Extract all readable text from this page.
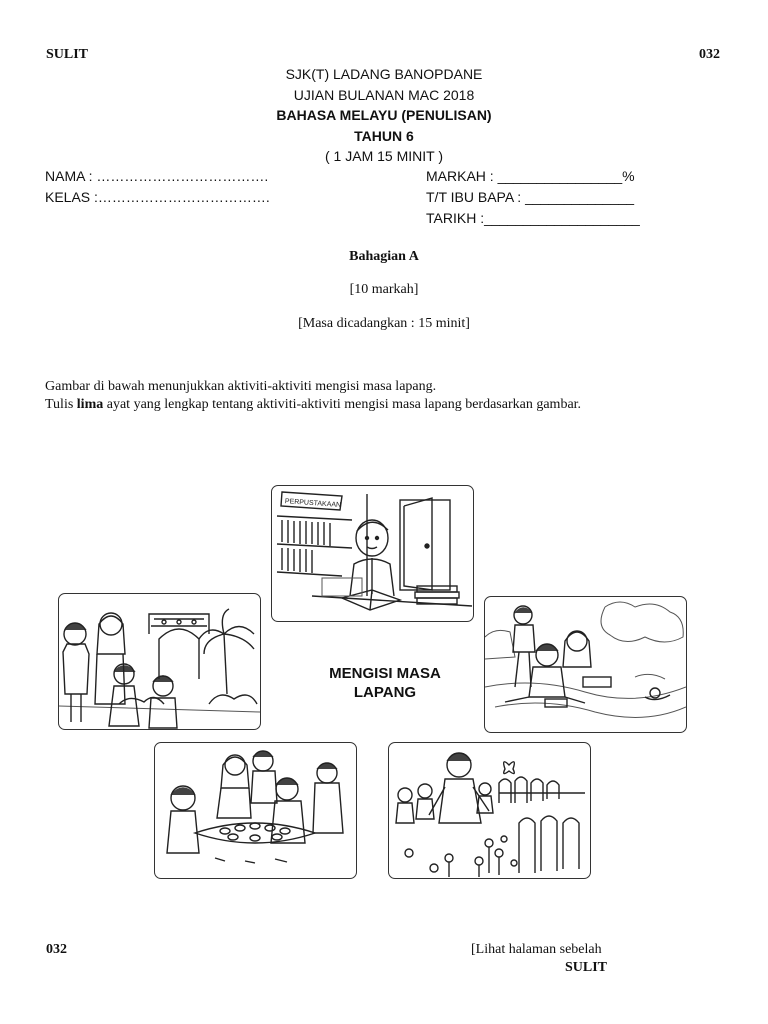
SULIT	032
SJK(T) LADANG BANOPDANE
UJIAN BULANAN MAC 2018
BAHASA MELAYU (PENULISAN)
TAHUN 6
( 1 JAM 15 MINIT )
NAMA : ……………………………….
KELAS :……………………………….
MARKAH : ________________%
T/T IBU BAPA : ______________
TARIKH :____________________
Bahagian A
[10 markah]
[Masa dicadangkan : 15 minit]
Gambar di bawah menunjukkan aktiviti-aktiviti mengisi masa lapang.
Tulis lima ayat yang lengkap tentang aktiviti-aktiviti mengisi masa lapang berdasarkan gambar.
PERPUSTAKAAN
MENGISI MASA
LAPANG
032	[Lihat halaman sebelah
SULIT
